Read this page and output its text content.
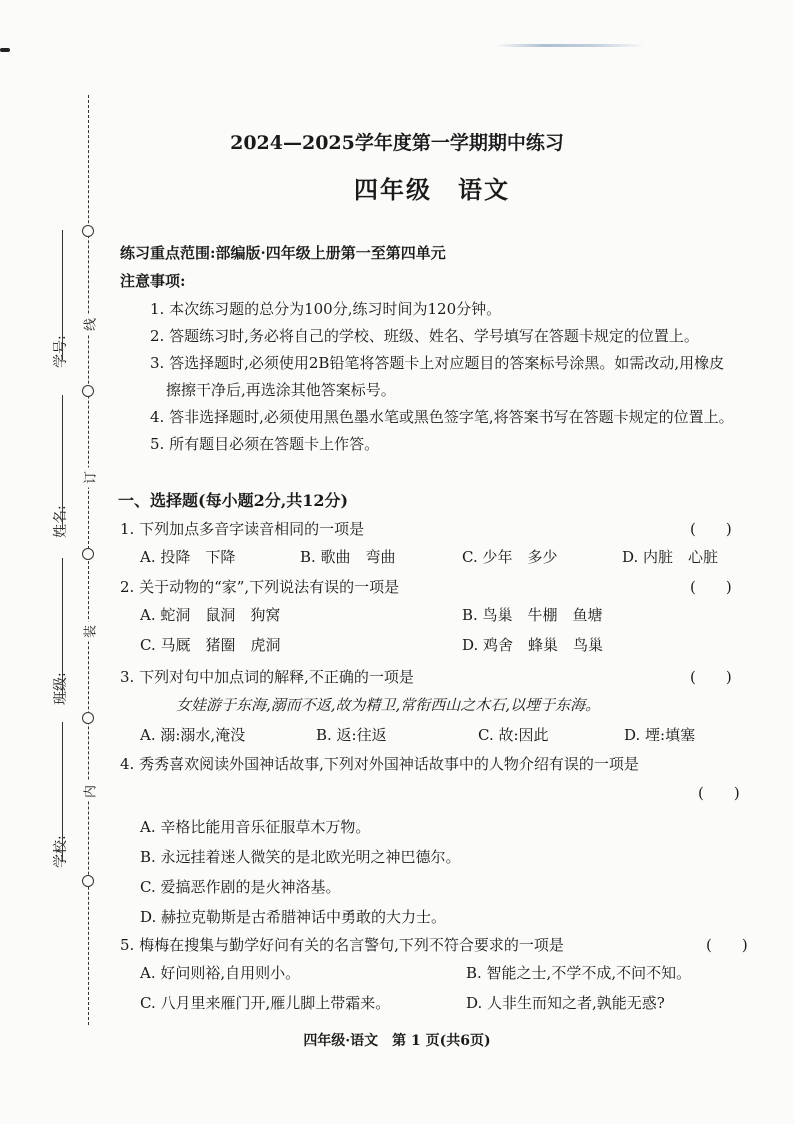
线
订
装
内
学号:
姓名:
班级:
学校:
2024—2025学年度第一学期期中练习
四年级　语文
练习重点范围:部编版·四年级上册第一至第四单元
注意事项:
1. 本次练习题的总分为100分,练习时间为120分钟。
2. 答题练习时,务必将自己的学校、班级、姓名、学号填写在答题卡规定的位置上。
3. 答选择题时,必须使用2B铅笔将答题卡上对应题目的答案标号涂黑。如需改动,用橡皮
擦擦干净后,再选涂其他答案标号。
4. 答非选择题时,必须使用黑色墨水笔或黑色签字笔,将答案书写在答题卡规定的位置上。
5. 所有题目必须在答题卡上作答。
一、选择题(每小题2分,共12分)
1. 下列加点多音字读音相同的一项是	(　　)
A. 投降　下降	B. 歌曲　弯曲	C. 少年　多少	D. 内脏　心脏
2. 关于动物的“家”,下列说法有误的一项是	(　　)
A. 蛇洞　鼠洞　狗窝	B. 鸟巢　牛棚　鱼塘
C. 马厩　猪圈　虎洞	D. 鸡舍　蜂巢　鸟巢
3. 下列对句中加点词的解释,不正确的一项是	(　　)
女娃游于东海,溺而不返,故为精卫,常衔西山之木石,以堙于东海。
A. 溺:溺水,淹没	B. 返:往返	C. 故:因此	D. 堙:填塞
4. 秀秀喜欢阅读外国神话故事,下列对外国神话故事中的人物介绍有误的一项是
(　　)
A. 辛格比能用音乐征服草木万物。
B. 永远挂着迷人微笑的是北欧光明之神巴德尔。
C. 爱搞恶作剧的是火神洛基。
D. 赫拉克勒斯是古希腊神话中勇敢的大力士。
5. 梅梅在搜集与勤学好问有关的名言警句,下列不符合要求的一项是	(　　)
A. 好问则裕,自用则小。	B. 智能之士,不学不成,不问不知。
C. 八月里来雁门开,雁儿脚上带霜来。	D. 人非生而知之者,孰能无惑?
四年级·语文　第 1 页(共6页)
